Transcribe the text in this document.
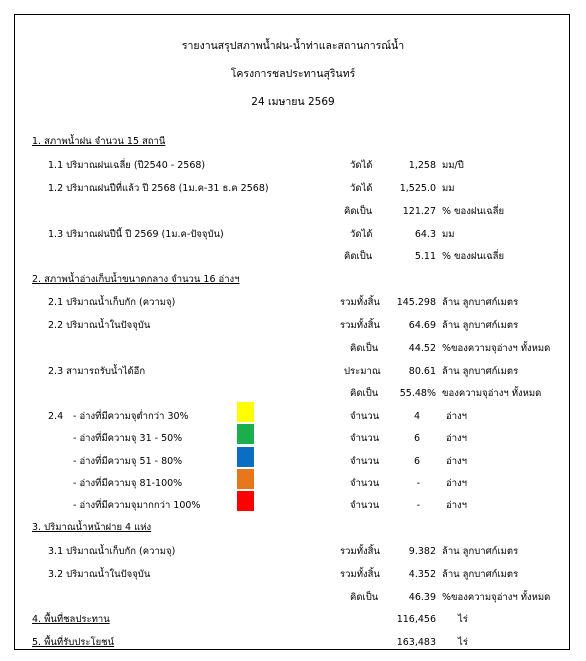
รายงานสรุปสภาพน้ำฝน-น้ำท่าและสถานการณ์น้ำ
โครงการชลประทานสุรินทร์
24 เมษายน 2569
1. สภาพน้ำฝน จำนวน 15 สถานี
1.1 ปริมาณฝนเฉลี่ย (ปี2540 - 2568)	วัดได้	1,258 มม/ปี
1.2 ปริมาณฝนปีที่แล้ว ปี 2568 (1ม.ค-31 ธ.ค 2568)	วัดได้	1,525.0 มม
คิดเป็น	121.27 % ของฝนเฉลี่ย
1.3 ปริมาณฝนปีนี้ ปี 2569 (1ม.ค-ปัจจุบัน)	วัดได้	64.3 มม
คิดเป็น	5.11 % ของฝนเฉลี่ย
2. สภาพน้ำอ่างเก็บน้ำขนาดกลาง จำนวน 16 อ่างฯ
2.1 ปริมาณน้ำเก็บกัก (ความจุ)	รวมทั้งสิ้น	145.298 ล้าน ลูกบาศก์เมตร
2.2 ปริมาณน้ำในปัจจุบัน	รวมทั้งสิ้น	64.69 ล้าน ลูกบาศก์เมตร
คิดเป็น	44.52 %ของความจุอ่างฯ ทั้งหมด
2.3 สามารถรับน้ำได้อีก	ประมาณ	80.61 ล้าน ลูกบาศก์เมตร
คิดเป็น	55.48% ของความจุอ่างฯ ทั้งหมด
2.4 - อ่างที่มีความจุต่ำกว่า 30%	จำนวน	4	อ่างฯ
- อ่างที่มีความจุ 31 - 50%	จำนวน	6	อ่างฯ
- อ่างที่มีความจุ 51 - 80%	จำนวน	6	อ่างฯ
- อ่างที่มีความจุ 81-100%	จำนวน	-	อ่างฯ
- อ่างที่มีความจุมากกว่า 100%	จำนวน	-	อ่างฯ
3. ปริมาณน้ำหน้าฝาย 4 แห่ง
3.1 ปริมาณน้ำเก็บกัก (ความจุ)	รวมทั้งสิ้น	9.382 ล้าน ลูกบาศก์เมตร
3.2 ปริมาณน้ำในปัจจุบัน	รวมทั้งสิ้น	4.352 ล้าน ลูกบาศก์เมตร
คิดเป็น	46.39 %ของความจุอ่างฯ ทั้งหมด
4. พื้นที่ชลประทาน	116,456 ไร่
5. พื้นที่รับประโยชน์	163,483 ไร่
